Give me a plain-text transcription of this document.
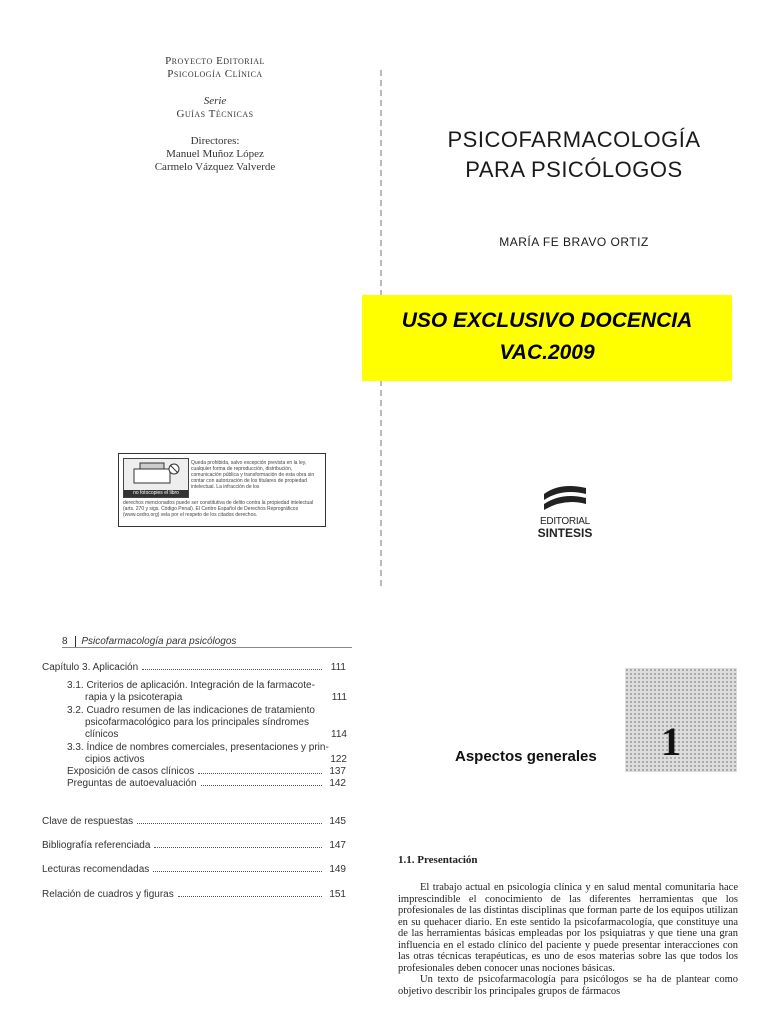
Proyecto Editorial
Psicología Clínica
Serie
Guías Técnicas
Directores:
Manuel Muñoz López
Carmelo Vázquez Valverde
PSICOFARMACOLOGÍA
PARA PSICÓLOGOS
MARÍA FE BRAVO ORTIZ
USO EXCLUSIVO DOCENCIA
VAC.2009
no fotocopies el libro
Queda prohibida, salvo excepción prevista en la ley, cualquier forma de reproducción, distribución, comunicación pública y transformación de esta obra sin contar con autorización de los titulares de propiedad intelectual. La infracción de los
derechos mencionados puede ser constitutiva de delito contra la propiedad intelectual (arts. 270 y sigs. Código Penal). El Centro Español de Derechos Reprográficos (www.cedro.org) vela por el respeto de los citados derechos.
EDITORIAL
SINTESIS
8 Psicofarmacología para psicólogos
Capítulo 3. Aplicación	111
3.1. Criterios de aplicación. Integración de la farmacote-
rapia y la psicoterapia	111
3.2. Cuadro resumen de las indicaciones de tratamiento
psicofarmacológico para los principales síndromes
clínicos	114
3.3. Índice de nombres comerciales, presentaciones y prin-
cipios activos	122
Exposición de casos clínicos	137
Preguntas de autoevaluación	142
Clave de respuestas	145
Bibliografía referenciada	147
Lecturas recomendadas	149
Relación de cuadros y figuras	151
1
Aspectos generales
1.1. Presentación

El trabajo actual en psicología clínica y en salud mental comunitaria hace imprescindible el conocimiento de las diferentes herramientas que los profesionales de las distintas disciplinas que forman parte de los equipos utilizan en su quehacer diario. En este sentido la psicofarmacología, que constituye una de las herramientas básicas empleadas por los psiquiatras y que tiene una gran influencia en el estado clínico del paciente y puede presentar interacciones con las otras técnicas terapéuticas, es uno de esos materias sobre las que todos los profesionales deben conocer unas nociones básicas.

Un texto de psicofarmacología para psicólogos se ha de plantear como objetivo describir los principales grupos de fármacos
